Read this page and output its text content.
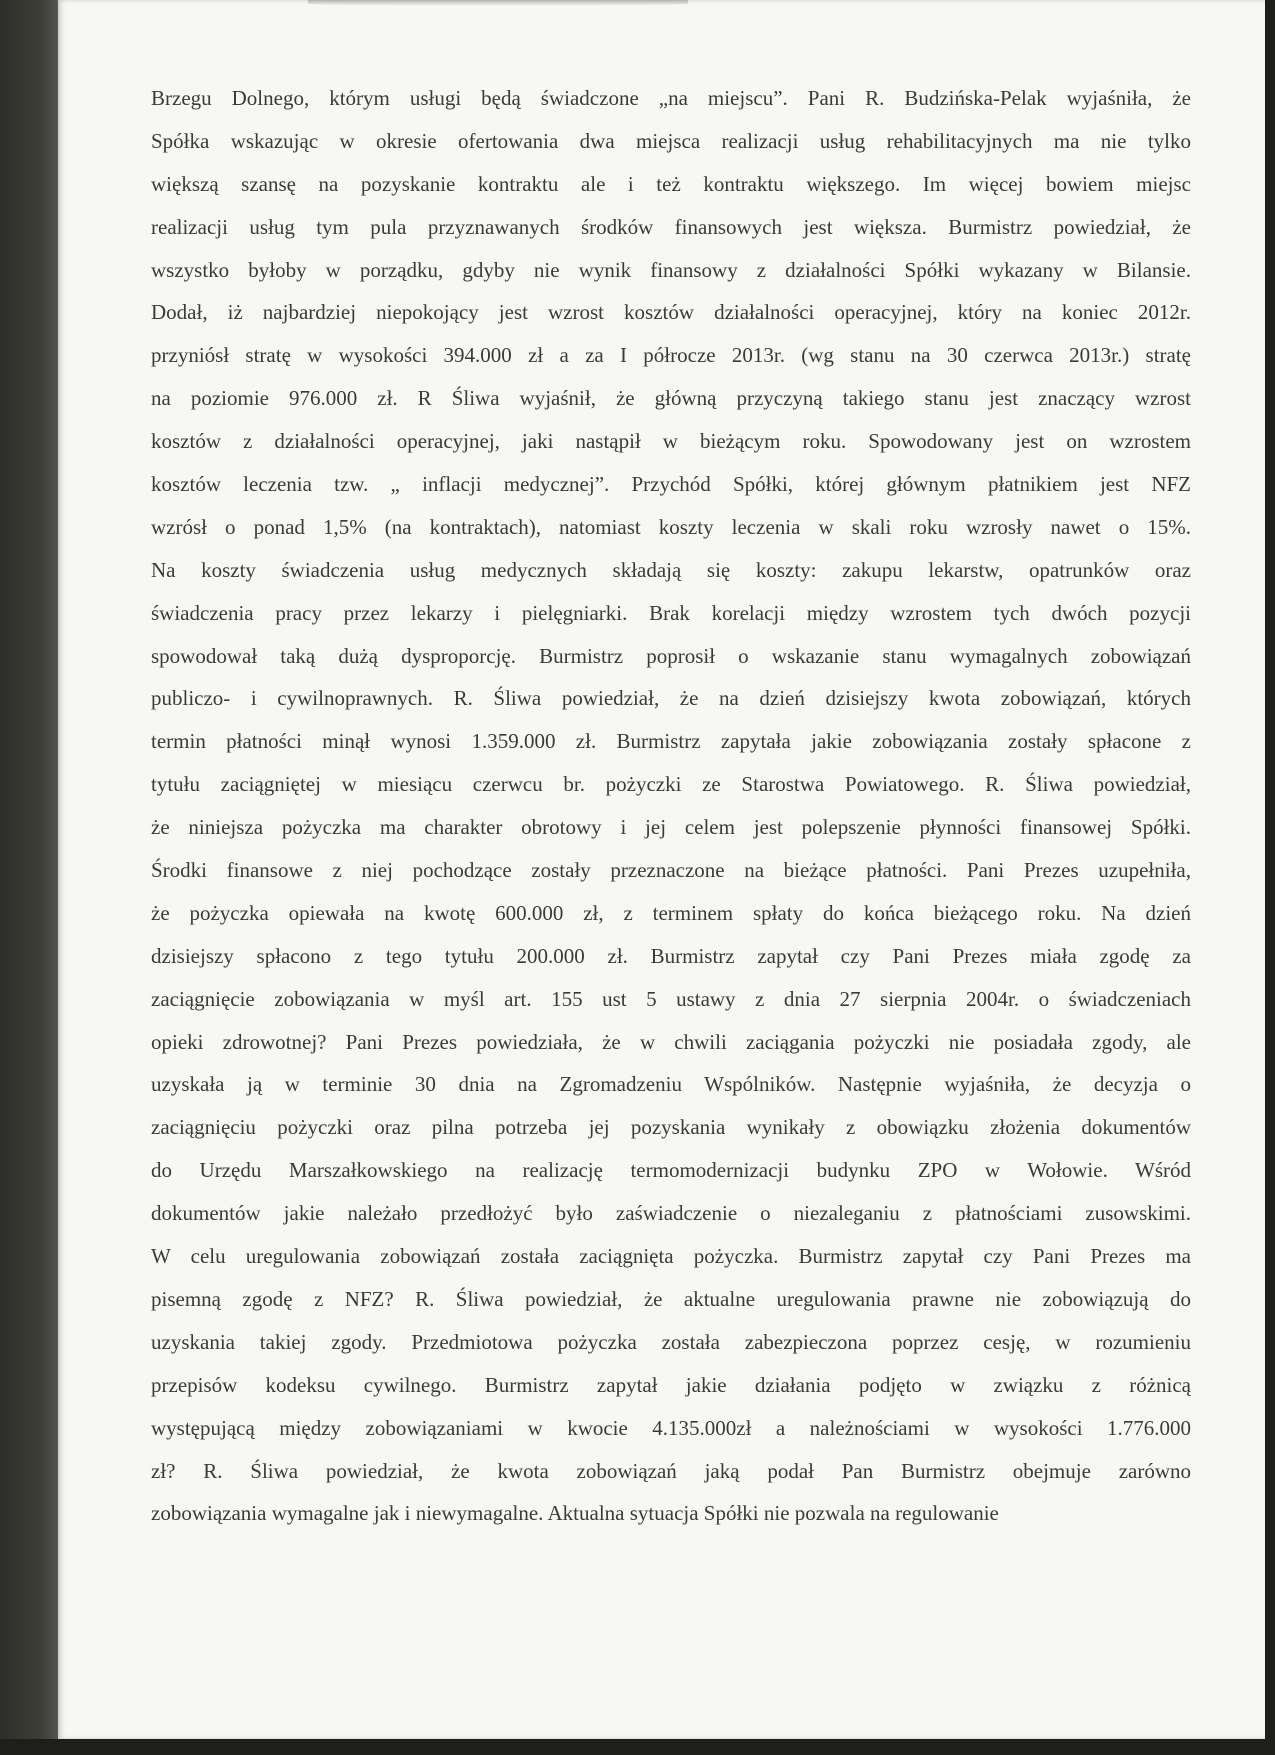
Brzegu Dolnego, którym usługi będą świadczone „na miejscu”. Pani R. Budzińska-Pelak wyjaśniła, że
Spółka wskazując w okresie ofertowania dwa miejsca realizacji usług rehabilitacyjnych ma nie tylko
większą szansę na pozyskanie kontraktu ale i też kontraktu większego. Im więcej bowiem miejsc
realizacji usług tym pula przyznawanych środków finansowych jest większa. Burmistrz powiedział, że
wszystko byłoby w porządku, gdyby nie wynik finansowy z działalności Spółki wykazany w Bilansie.
Dodał, iż najbardziej niepokojący jest wzrost kosztów działalności operacyjnej, który na koniec 2012r.
przyniósł stratę w wysokości 394.000 zł a za I półrocze 2013r. (wg stanu na 30 czerwca 2013r.) stratę
na poziomie 976.000 zł. R Śliwa wyjaśnił, że główną przyczyną takiego stanu jest znaczący wzrost
kosztów z działalności operacyjnej, jaki nastąpił w bieżącym roku. Spowodowany jest on wzrostem
kosztów leczenia tzw. „ inflacji medycznej”. Przychód Spółki, której głównym płatnikiem jest NFZ
wzrósł o ponad 1,5% (na kontraktach), natomiast koszty leczenia w skali roku wzrosły nawet o 15%.
Na koszty świadczenia usług medycznych składają się koszty: zakupu lekarstw, opatrunków oraz
świadczenia pracy przez lekarzy i pielęgniarki. Brak korelacji między wzrostem tych dwóch pozycji
spowodował taką dużą dysproporcję. Burmistrz poprosił o wskazanie stanu wymagalnych zobowiązań
publiczo- i cywilnoprawnych. R. Śliwa powiedział, że na dzień dzisiejszy kwota zobowiązań, których
termin płatności minął wynosi 1.359.000 zł. Burmistrz zapytała jakie zobowiązania zostały spłacone z
tytułu zaciągniętej w miesiącu czerwcu br. pożyczki ze Starostwa Powiatowego. R. Śliwa powiedział,
że niniejsza pożyczka ma charakter obrotowy i jej celem jest polepszenie płynności finansowej Spółki.
Środki finansowe z niej pochodzące zostały przeznaczone na bieżące płatności. Pani Prezes uzupełniła,
że pożyczka opiewała na kwotę 600.000 zł, z terminem spłaty do końca bieżącego roku. Na dzień
dzisiejszy spłacono z tego tytułu 200.000 zł. Burmistrz zapytał czy Pani Prezes miała zgodę za
zaciągnięcie zobowiązania w myśl art. 155 ust 5 ustawy z dnia 27 sierpnia 2004r. o świadczeniach
opieki zdrowotnej? Pani Prezes powiedziała, że w chwili zaciągania pożyczki nie posiadała zgody, ale
uzyskała ją w terminie 30 dnia na Zgromadzeniu Wspólników. Następnie wyjaśniła, że decyzja o
zaciągnięciu pożyczki oraz pilna potrzeba jej pozyskania wynikały z obowiązku złożenia dokumentów
do Urzędu Marszałkowskiego na realizację termomodernizacji budynku ZPO w Wołowie. Wśród
dokumentów jakie należało przedłożyć było zaświadczenie o niezaleganiu z płatnościami zusowskimi.
W celu uregulowania zobowiązań została zaciągnięta pożyczka. Burmistrz zapytał czy Pani Prezes ma
pisemną zgodę z NFZ? R. Śliwa powiedział, że aktualne uregulowania prawne nie zobowiązują do
uzyskania takiej zgody. Przedmiotowa pożyczka została zabezpieczona poprzez cesję, w rozumieniu
przepisów kodeksu cywilnego. Burmistrz zapytał jakie działania podjęto w związku z różnicą
występującą między zobowiązaniami w kwocie 4.135.000zł a należnościami w wysokości 1.776.000
zł? R. Śliwa powiedział, że kwota zobowiązań jaką podał Pan Burmistrz obejmuje zarówno
zobowiązania wymagalne jak i niewymagalne. Aktualna sytuacja Spółki nie pozwala na regulowanie
